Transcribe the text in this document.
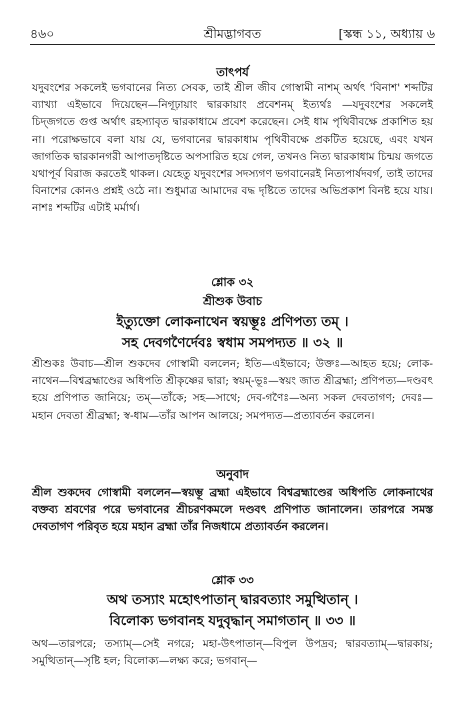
৪৬০	শ্রীমদ্ভাগবত	[স্কন্ধ ১১, অধ্যায় ৬
তাৎপর্য
যদুবংশের সকলেই ভগবানের নিত্য সেবক, তাই শ্রীল জীব গোস্বামী নাশম্‌ অর্থৎ 'বিনাশ' শব্দটির ব্যাখ্যা এইভাবে দিয়েছেন—নিগূঢ়ায়াং দ্বারকায়াং প্রবেশনম্‌ ইত্যর্থঃ —যদুবংশের সকলেই চিদ্‌জগতে গুপ্ত অর্থাৎ রহস্যাবৃত দ্বারকাধামে প্রবেশ করেছেন। সেই ধাম পৃথিবীবক্ষে প্রকাশিত হয় না। পরোক্ষভাবে বলা যায় যে, ভগবানের দ্বারকাধাম পৃথিবীবক্ষে প্রকটিত হয়েছে, এবং যখন জাগতিক দ্বারকানগরী আপাতদৃষ্টিতে অপসারিত হয়ে গেল, তখনও নিত্য দ্বারকাধাম চিন্ময় জগতে যথাপূর্ব বিরাজ করতেই থাকল। যেহেতু যদুবংশের সদস্যগণ ভগবানেরই নিত্যপার্ষদবর্গ, তাই তাদের বিনাশের কোনও প্রশ্নই ওঠে না। শুধুমাত্র আমাদের বদ্ধ দৃষ্টিতে তাদের অভিপ্রকাশ বিনষ্ট হয়ে যায়। নাশঃ শব্দটির এটাই মর্মার্থ।
শ্লোক ৩২
শ্রীশুক উবাচ
ইত্যুক্তো লোকনাথেন স্বয়ম্ভূঃ প্রণিপত্য তম্‌ ।
সহ দেবগণৈর্দেবঃ স্বধাম সমপদ্যত ॥ ৩২ ॥
শ্রীশুকঃ উবাচ—শ্রীল শুকদেব গোস্বামী বললেন; ইতি—এইভাবে; উক্তঃ—আহত হয়ে; লোক-নাথেন—বিশ্বব্রহ্মাণ্ডের অধিপতি শ্রীকৃষ্ণের দ্বারা; স্বয়ম্‌-ভূঃ—স্বয়ং জাত শ্রীব্রহ্মা; প্রণিপত্য—দণ্ডবৎ হয়ে প্রণিপাত জানিয়ে; তম্‌—তাঁকে; সহ—সাথে; দেব-গণৈঃ—অন্য সকল দেবতাগণ; দেবঃ—মহান দেবতা শ্রীব্রহ্মা; স্ব-ধাম—তাঁর আপন আলয়ে; সমপদ্যত—প্রত্যাবর্তন করলেন।
অনুবাদ
শ্রীল শুকদেব গোস্বামী বললেন—স্বয়ম্ভূ ব্রহ্মা এইভাবে বিশ্বব্রহ্মাণ্ডের অধিপতি লোকনাথের বক্তব্য শ্রবণের পরে ভগবানের শ্রীচরণকমলে দণ্ডবৎ প্রণিপাত জানালেন। তারপরে সমস্ত দেবতাগণ পরিবৃত হয়ে মহান ব্রহ্মা তাঁর নিজধামে প্রত্যাবর্তন করলেন।
শ্লোক ৩৩
অথ তস্যাং মহোৎপাতান্‌ দ্বারবত্যাং সমুত্থিতান্‌ ।
বিলোক্য ভগবানহ যদুবৃদ্ধান্‌ সমাগতান্‌ ॥ ৩৩ ॥
অথ—তারপরে; তস্যাম্‌—সেই নগরে; মহা-উৎপাতান্‌—বিপুল উপদ্রব; দ্বারবত্যাম্‌—দ্বারকায়; সমুত্থিতান্‌—সৃষ্টি হল; বিলোক্য—লক্ষ্য করে; ভগবান্‌—
